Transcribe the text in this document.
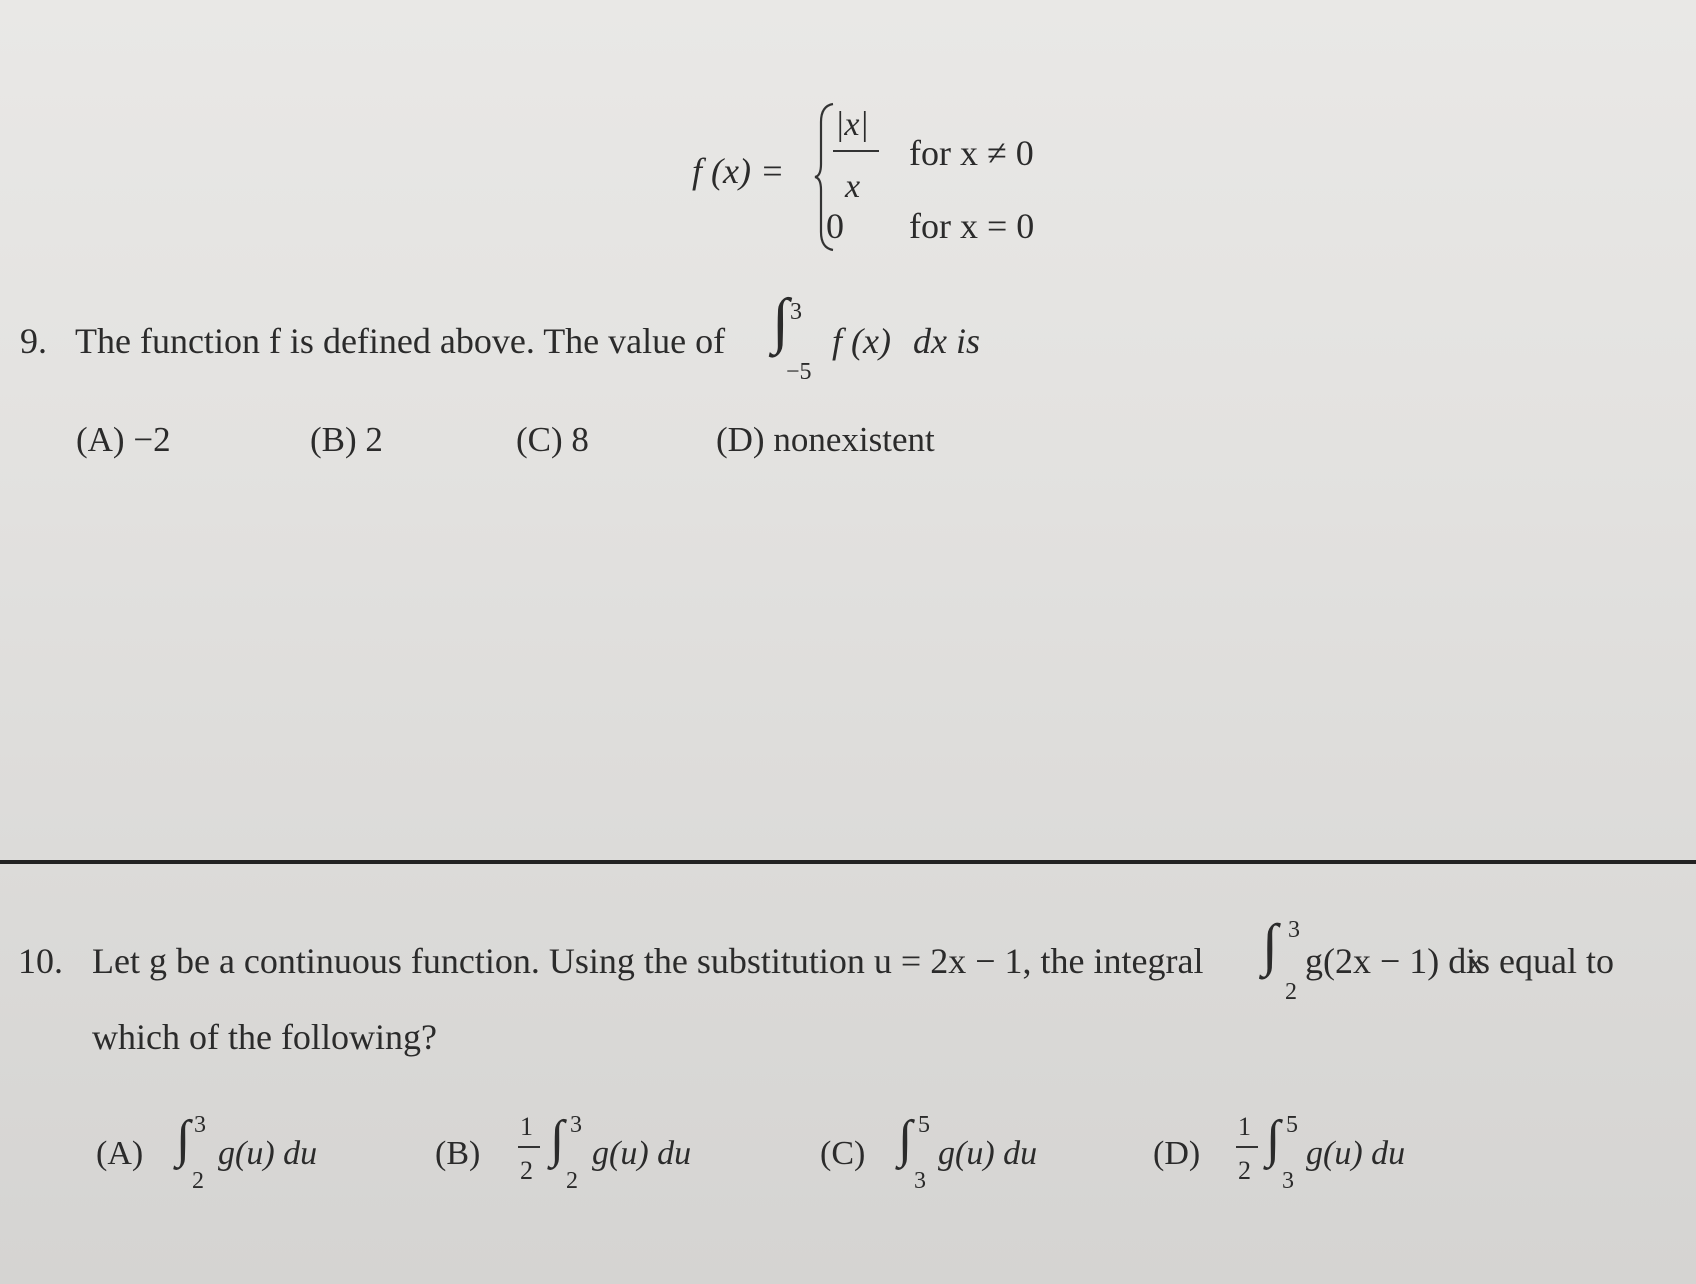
f (x) =
|x|
x
for x ≠ 0
0 for x = 0
9. The function f is defined above. The value of ∫ 3
−5
f (x) dx is
(A) −2	(B) 2	(C) 8	(D) nonexistent
10. Let g be a continuous function. Using the substitution u = 2x − 1, the integral ∫ 3
2
g(2x − 1) dx
is equal to
which of the following?
(A) ∫ 3
2
g(u) du	(B)
1
2
∫ 3
2
g(u) du	(C) ∫ 5
3
g(u) du	(D)
1
2
∫ 5
3
g(u) du
